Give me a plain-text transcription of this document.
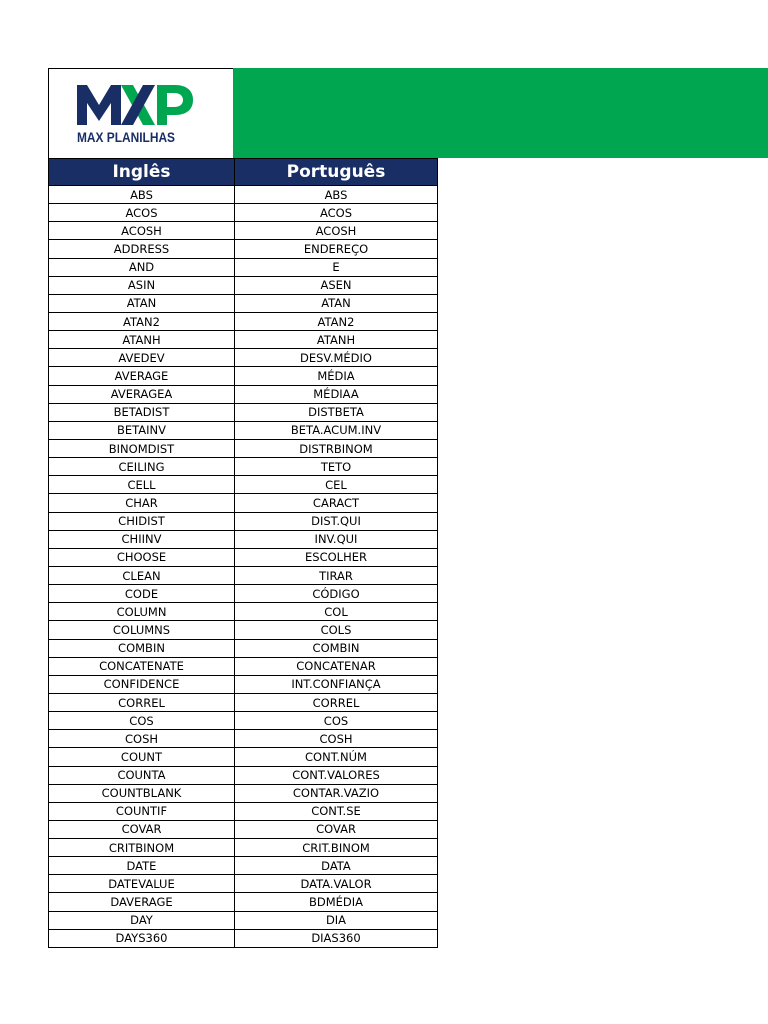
MAX PLANILHAS
Inglês	Português
ABS	ABS
ACOS	ACOS
ACOSH	ACOSH
ADDRESS	ENDEREÇO
AND	E
ASIN	ASEN
ATAN	ATAN
ATAN2	ATAN2
ATANH	ATANH
AVEDEV	DESV.MÉDIO
AVERAGE	MÉDIA
AVERAGEA	MÉDIAA
BETADIST	DISTBETA
BETAINV	BETA.ACUM.INV
BINOMDIST	DISTRBINOM
CEILING	TETO
CELL	CEL
CHAR	CARACT
CHIDIST	DIST.QUI
CHIINV	INV.QUI
CHOOSE	ESCOLHER
CLEAN	TIRAR
CODE	CÓDIGO
COLUMN	COL
COLUMNS	COLS
COMBIN	COMBIN
CONCATENATE	CONCATENAR
CONFIDENCE	INT.CONFIANÇA
CORREL	CORREL
COS	COS
COSH	COSH
COUNT	CONT.NÚM
COUNTA	CONT.VALORES
COUNTBLANK	CONTAR.VAZIO
COUNTIF	CONT.SE
COVAR	COVAR
CRITBINOM	CRIT.BINOM
DATE	DATA
DATEVALUE	DATA.VALOR
DAVERAGE	BDMÉDIA
DAY	DIA
DAYS360	DIAS360
